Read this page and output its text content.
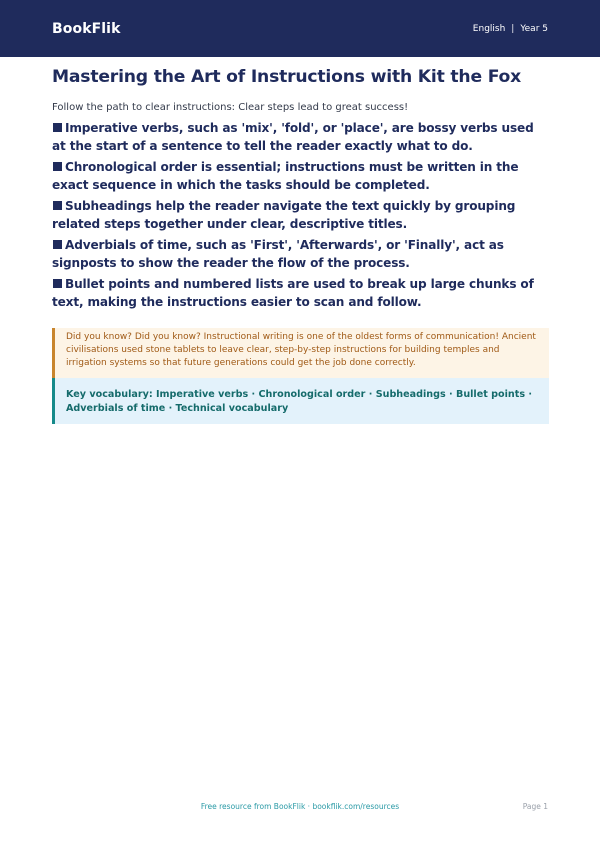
BookFlik	English | Year 5
Mastering the Art of Instructions with Kit the Fox

Follow the path to clear instructions: Clear steps lead to great success!

Imperative verbs, such as 'mix', 'fold', or 'place', are bossy verbs used at the start of a sentence to tell the reader exactly what to do.

Chronological order is essential; instructions must be written in the exact sequence in which the tasks should be completed.

Subheadings help the reader navigate the text quickly by grouping related steps together under clear, descriptive titles.

Adverbials of time, such as 'First', 'Afterwards', or 'Finally', act as signposts to show the reader the flow of the process.

Bullet points and numbered lists are used to break up large chunks of text, making the instructions easier to scan and follow.

Did you know? Did you know? Instructional writing is one of the oldest forms of communication! Ancient civilisations used stone tablets to leave clear, step-by-step instructions for building temples and irrigation systems so that future generations could get the job done correctly.
Key vocabulary: Imperative verbs · Chronological order · Subheadings · Bullet points · Adverbials of time · Technical vocabulary
Free resource from BookFlik · bookflik.com/resources	Page 1
